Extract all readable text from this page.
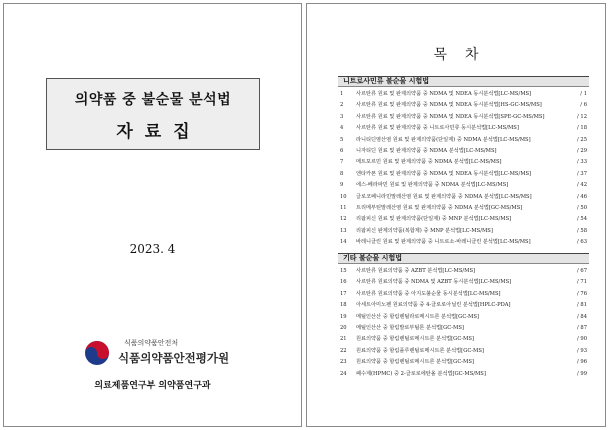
의약품 중 불순물 분석법
자료집
2023. 4
식품의약품안전처
식품의약품안전평가원
의료제품연구부 의약품연구과
목차
니트로사민류 불순물 시험법
1	사르탄류 원료 및 완제의약품 중 NDMA 및 NDEA 동시분석법[LC-MS/MS]	/ 1
2	사르탄류 원료 및 완제의약품 중 NDMA 및 NDEA 동시분석법[HS-GC-MS/MS]	/ 6
3	사르탄류 원료 및 완제의약품 중 NDMA 및 NDEA 동시분석법[SPE-GC-MS/MS]	/ 12
4	사르탄류 원료 및 완제의약품 중 니트로사민류 동시분석법[LC-MS/MS]	/ 18
5	라니티딘염산염 원료 및 완제의약품(단일제) 중 NDMA 분석법[LC-MS/MS]	/ 25
6	니자티딘 원료 및 완제의약품 중 NDMA 분석법[LC-MS/MS]	/ 29
7	메트포르민 원료 및 완제의약품 중 NDMA 분석법[LC-MS/MS]	/ 33
8	엔타카폰 원료 및 완제의약품 중 NDMA 및 NDEA 동시분석법[LC-MS/MS]	/ 37
9	에스-베라파민 원료 및 완제의약품 중 NDMA 분석법[LC-MS/MS]	/ 42
10	글로코페니라민말레산염 원료 및 완제의약품 중 NDMA 분석법[LC-MS/MS]	/ 46
11	트리메부틴말레산염 원료 및 완제의약품 중 NDMA 분석법[GC-MS/MS]	/ 50
12	리팜피신 원료 및 완제의약품(단일제) 중 MNP 분석법[LC-MS/MS]	/ 54
13	리팜피신 완제의약품(복합제) 중 MNP 분석법[LC-MS/MS]	/ 58
14	바레니클린 원료 및 완제의약품 중 니트로소-바레니클린 분석법[LC-MS/MS]	/ 63
기타 불순물 시험법
15	사르탄류 원료의약품 중 AZBT 분석법[LC-MS/MS]	/ 67
16	사르탄류 원료의약품 중 NDMA 및 AZBT 동시분석법[LC-MS/MS]	/ 71
17	사르탄류 원료의약품 중 아지도불순물 동시분석법[LC-MS/MS]	/ 76
18	아세트아미노펜 원료의약품 중 4-클로로아닐린 분석법[HPLC-PDA]	/ 81
19	메틸인산산 중 할림렌틸라로메시트론 분석법[GC-MS]	/ 84
20	메틸인산산 중 할림발로부틸톤 분석법[GC-MS]	/ 87
21	원료의약품 중 할림렌틸로메시트론 분석법[GC-MS]	/ 90
22	원료의약품 중 할림플루렌틸로메시트론 분석법[GC-MS]	/ 93
23	원료의약품 중 할림렌틸로메시트론 분석법[GC-MS]	/ 96
24	폐수제(HPMC) 중 2-클로로에탄올 분석법[GC-MS/MS]	/ 99
